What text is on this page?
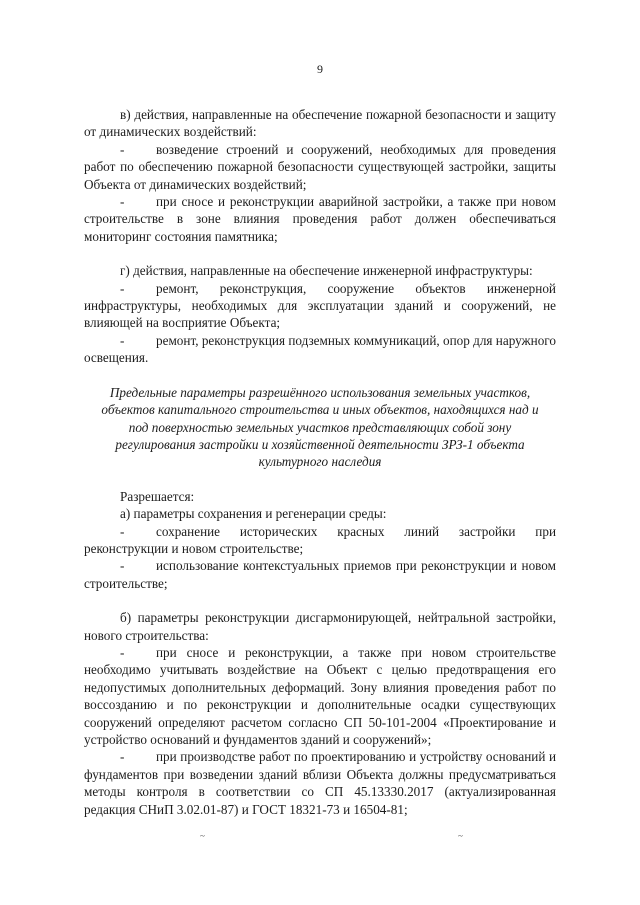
9

в) действия, направленные на обеспечение пожарной безопасности и защиту от динамических воздействий:

- возведение строений и сооружений, необходимых для проведения работ по обеспечению пожарной безопасности существующей застройки, защиты Объекта от динамических воздействий;

- при сносе и реконструкции аварийной застройки, а также при новом строительстве в зоне влияния проведения работ должен обеспечиваться мониторинг состояния памятника;

г) действия, направленные на обеспечение инженерной инфраструктуры:

- ремонт, реконструкция, сооружение объектов инженерной инфраструктуры, необходимых для эксплуатации зданий и сооружений, не влияющей на восприятие Объекта;

- ремонт, реконструкция подземных коммуникаций, опор для наружного освещения.

Предельные параметры разрешённого использования земельных участков, объектов капитального строительства и иных объектов, находящихся над и под поверхностью земельных участков представляющих собой зону регулирования застройки и хозяйственной деятельности ЗРЗ-1 объекта культурного наследия

Разрешается:

а) параметры сохранения и регенерации среды:

- сохранение исторических красных линий застройки при реконструкции и новом строительстве;

- использование контекстуальных приемов при реконструкции и новом строительстве;

б) параметры реконструкции дисгармонирующей, нейтральной застройки, нового строительства:

- при сносе и реконструкции, а также при новом строительстве необходимо учитывать воздействие на Объект с целью предотвращения его недопустимых дополнительных деформаций. Зону влияния проведения работ по воссозданию и по реконструкции и дополнительные осадки существующих сооружений определяют расчетом согласно СП 50-101-2004 «Проектирование и устройство оснований и фундаментов зданий и сооружений»;

- при производстве работ по проектированию и устройству оснований и фундаментов при возведении зданий вблизи Объекта должны предусматриваться методы контроля в соответствии со СП 45.13330.2017 (актуализированная редакция СНиП 3.02.01-87) и ГОСТ 18321-73 и 16504-81;

~	~
